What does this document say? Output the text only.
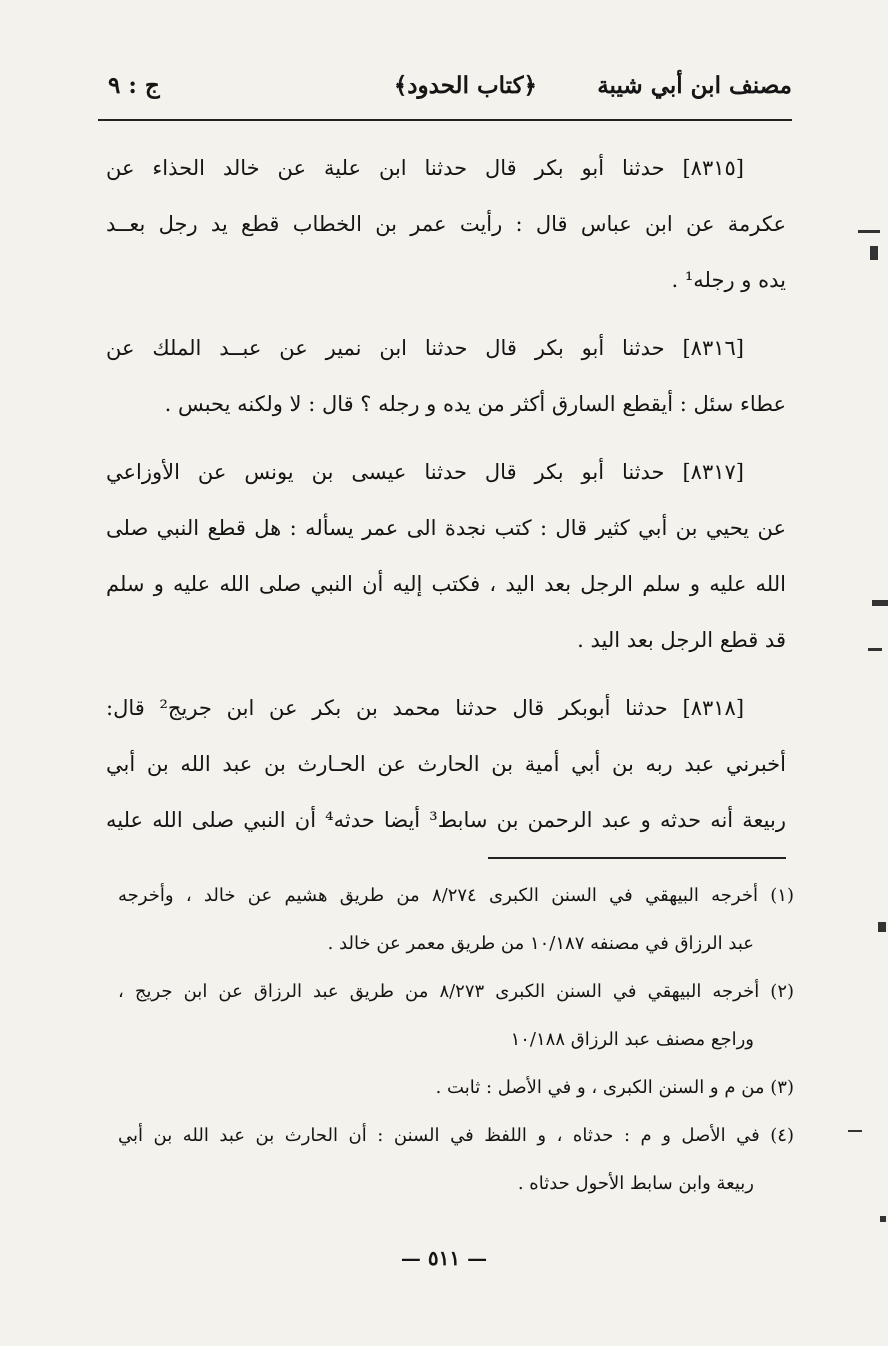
مصنف ابن أبي شيبة
﴿كتاب الحدود﴾
ج : ٩
[٨٣١٥] حدثنا أبو بكر قال حدثنا ابن علية عن خالد الحذاء عن
عكرمة عن ابن عباس قال : رأيت عمر بن الخطاب قطع يد رجل بعــد
يده و رجله¹ .
[٨٣١٦] حدثنا أبو بكر قال حدثنا ابن نمير عن عبــد الملك عن
عطاء سئل : أيقطع السارق أكثر من يده و رجله ؟ قال : لا ولكنه يحبس .
[٨٣١٧] حدثنا أبو بكر قال حدثنا عيسى بن يونس عن الأوزاعي
عن يحيي بن أبي كثير قال : كتب نجدة الى عمر يسأله : هل قطع النبي صلى
الله عليه و سلم الرجل بعد اليد ، فكتب إليه أن النبي صلى الله عليه و سلم
قد قطع الرجل بعد اليد .
[٨٣١٨] حدثنا أبوبكر قال حدثنا محمد بن بكر عن ابن جريج² قال:
أخبرني عبد ربه بن أبي أمية بن الحارث عن الحـارث بن عبد الله بن أبي
ربيعة أنه حدثه و عبد الرحمن بن سابط³ أيضا حدثه⁴ أن النبي صلى الله عليه
(١) أخرجه البيهقي في السنن الكبرى ٨/٢٧٤ من طريق هشيم عن خالد ، وأخرجه
عبد الرزاق في مصنفه ١٠/١٨٧ من طريق معمر عن خالد .
(٢) أخرجه البيهقي في السنن الكبرى ٨/٢٧٣ من طريق عبد الرزاق عن ابن جريج ،
وراجع مصنف عبد الرزاق ١٠/١٨٨
(٣) من م و السنن الكبرى ، و في الأصل : ثابت .
(٤) في الأصل و م : حدثاه ، و اللفظ في السنن : أن الحارث بن عبد الله بن أبي
ربيعة وابن سابط الأحول حدثاه .
— ٥١١ —
